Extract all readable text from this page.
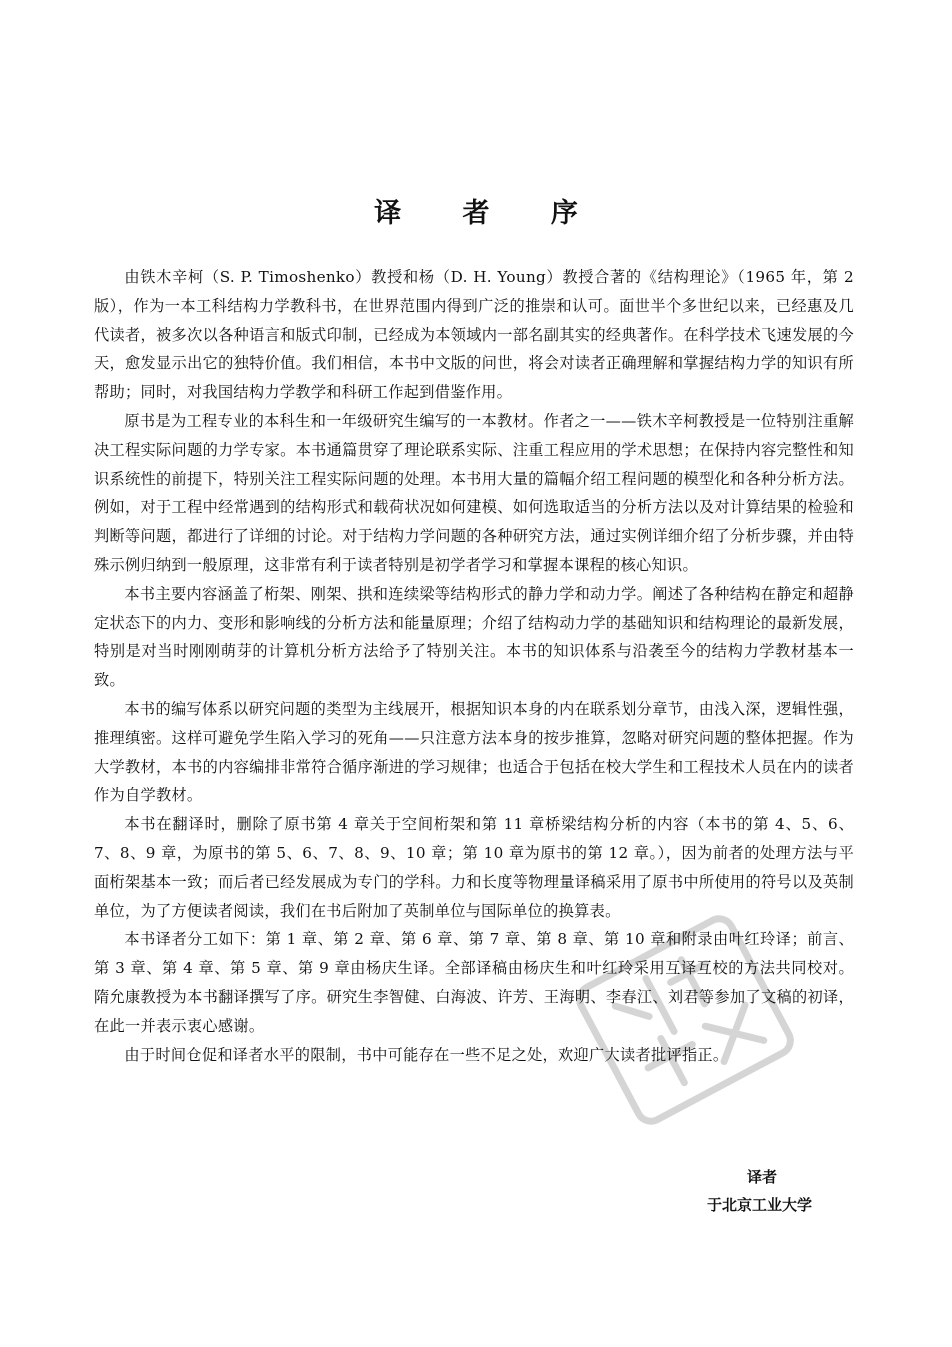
译 者 序

由铁木辛柯（S. P. Timoshenko）教授和杨（D. H. Young）教授合著的《结构理论》（1965 年，第 2 版），作为一本工科结构力学教科书，在世界范围内得到广泛的推崇和认可。面世半个多世纪以来，已经惠及几代读者，被多次以各种语言和版式印制，已经成为本领域内一部名副其实的经典著作。在科学技术飞速发展的今天，愈发显示出它的独特价值。我们相信，本书中文版的问世，将会对读者正确理解和掌握结构力学的知识有所帮助；同时，对我国结构力学教学和科研工作起到借鉴作用。

原书是为工程专业的本科生和一年级研究生编写的一本教材。作者之一——铁木辛柯教授是一位特别注重解决工程实际问题的力学专家。本书通篇贯穿了理论联系实际、注重工程应用的学术思想；在保持内容完整性和知识系统性的前提下，特别关注工程实际问题的处理。本书用大量的篇幅介绍工程问题的模型化和各种分析方法。例如，对于工程中经常遇到的结构形式和载荷状况如何建模、如何选取适当的分析方法以及对计算结果的检验和判断等问题，都进行了详细的讨论。对于结构力学问题的各种研究方法，通过实例详细介绍了分析步骤，并由特殊示例归纳到一般原理，这非常有利于读者特别是初学者学习和掌握本课程的核心知识。

本书主要内容涵盖了桁架、刚架、拱和连续梁等结构形式的静力学和动力学。阐述了各种结构在静定和超静定状态下的内力、变形和影响线的分析方法和能量原理；介绍了结构动力学的基础知识和结构理论的最新发展，特别是对当时刚刚萌芽的计算机分析方法给予了特别关注。本书的知识体系与沿袭至今的结构力学教材基本一致。

本书的编写体系以研究问题的类型为主线展开，根据知识本身的内在联系划分章节，由浅入深，逻辑性强，推理缜密。这样可避免学生陷入学习的死角——只注意方法本身的按步推算，忽略对研究问题的整体把握。作为大学教材，本书的内容编排非常符合循序渐进的学习规律；也适合于包括在校大学生和工程技术人员在内的读者作为自学教材。

本书在翻译时，删除了原书第 4 章关于空间桁架和第 11 章桥梁结构分析的内容（本书的第 4、5、6、7、8、9 章，为原书的第 5、6、7、8、9、10 章；第 10 章为原书的第 12 章。），因为前者的处理方法与平面桁架基本一致；而后者已经发展成为专门的学科。力和长度等物理量译稿采用了原书中所使用的符号以及英制单位，为了方便读者阅读，我们在书后附加了英制单位与国际单位的换算表。

本书译者分工如下：第 1 章、第 2 章、第 6 章、第 7 章、第 8 章、第 10 章和附录由叶红玲译；前言、第 3 章、第 4 章、第 5 章、第 9 章由杨庆生译。全部译稿由杨庆生和叶红玲采用互译互校的方法共同校对。隋允康教授为本书翻译撰写了序。研究生李智健、白海波、许芳、王海明、李春江、刘君等参加了文稿的初译，在此一并表示衷心感谢。

由于时间仓促和译者水平的限制，书中可能存在一些不足之处，欢迎广大读者批评指正。

译者
于北京工业大学
